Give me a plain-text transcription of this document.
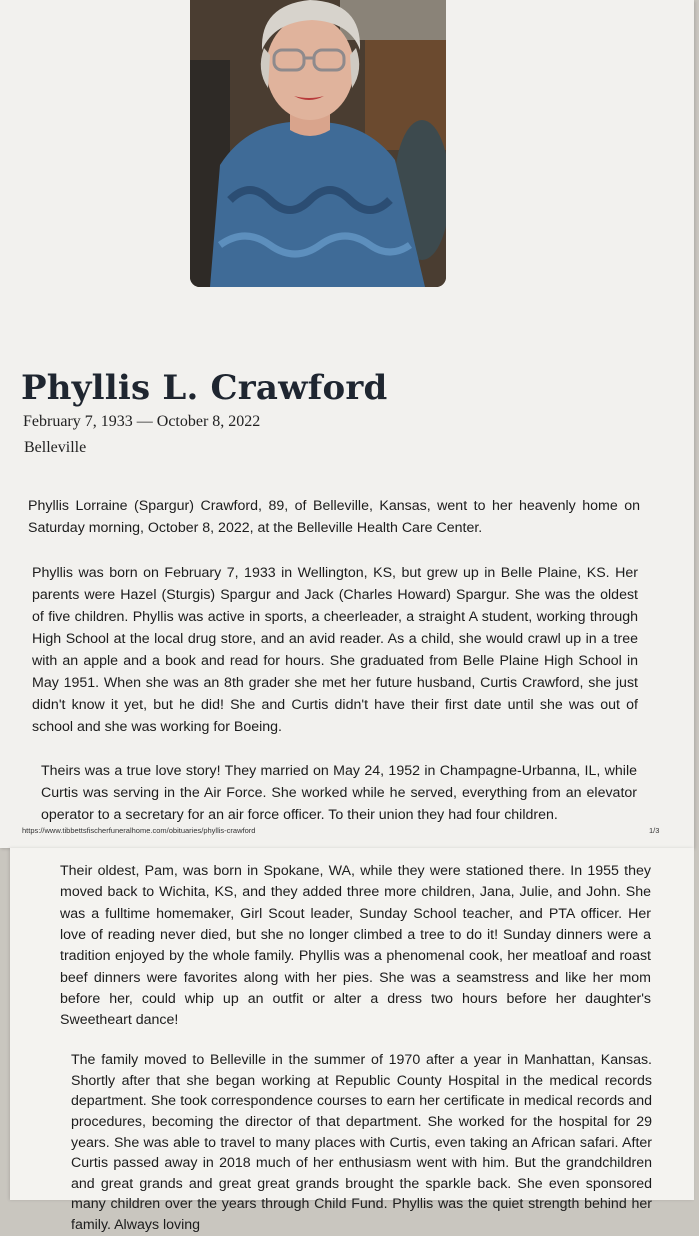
Phyllis L. Crawford
February 7, 1933 — October 8, 2022
Belleville

Phyllis Lorraine (Spargur) Crawford, 89, of Belleville, Kansas, went to her heavenly home on Saturday morning, October 8, 2022, at the Belleville Health Care Center.

Phyllis was born on February 7, 1933 in Wellington, KS, but grew up in Belle Plaine, KS. Her parents were Hazel (Sturgis) Spargur and Jack (Charles Howard) Spargur. She was the oldest of five children. Phyllis was active in sports, a cheerleader, a straight A student, working through High School at the local drug store, and an avid reader. As a child, she would crawl up in a tree with an apple and a book and read for hours. She graduated from Belle Plaine High School in May 1951. When she was an 8th grader she met her future husband, Curtis Crawford, she just didn't know it yet, but he did! She and Curtis didn't have their first date until she was out of school and she was working for Boeing.

Theirs was a true love story! They married on May 24, 1952 in Champagne-Urbanna, IL, while Curtis was serving in the Air Force. She worked while he served, everything from an elevator operator to a secretary for an air force officer. To their union they had four children.

https://www.tibbettsfischerfuneralhome.com/obituaries/phyllis-crawford	1/3

Their oldest, Pam, was born in Spokane, WA, while they were stationed there. In 1955 they moved back to Wichita, KS, and they added three more children, Jana, Julie, and John. She was a fulltime homemaker, Girl Scout leader, Sunday School teacher, and PTA officer. Her love of reading never died, but she no longer climbed a tree to do it! Sunday dinners were a tradition enjoyed by the whole family. Phyllis was a phenomenal cook, her meatloaf and roast beef dinners were favorites along with her pies. She was a seamstress and like her mom before her, could whip up an outfit or alter a dress two hours before her daughter's Sweetheart dance!

The family moved to Belleville in the summer of 1970 after a year in Manhattan, Kansas. Shortly after that she began working at Republic County Hospital in the medical records department. She took correspondence courses to earn her certificate in medical records and procedures, becoming the director of that department. She worked for the hospital for 29 years. She was able to travel to many places with Curtis, even taking an African safari. After Curtis passed away in 2018 much of her enthusiasm went with him. But the grandchildren and great grands and great great grands brought the sparkle back. She even sponsored many children over the years through Child Fund. Phyllis was the quiet strength behind her family. Always loving
